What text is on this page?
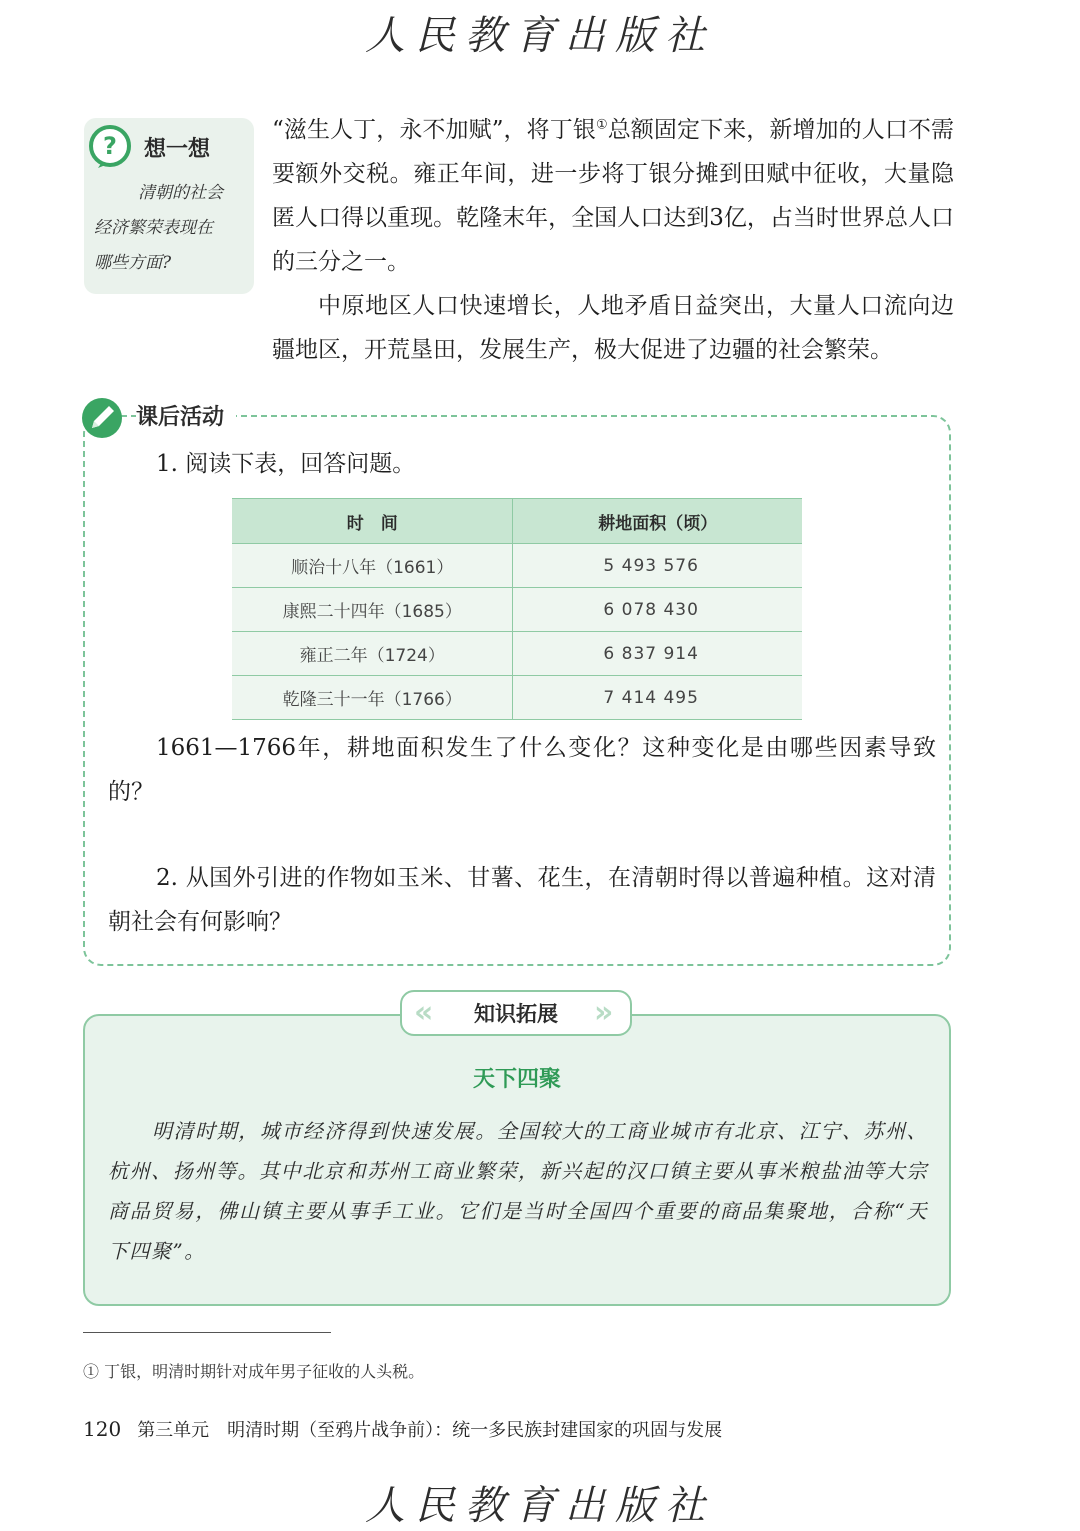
人民教育出版社
? 想一想
清朝的社会
经济繁荣表现在
哪些方面?
“滋生人丁，永不加赋”，将丁银①总额固定下来，新增加的人口不需要额外交税。雍正年间，进一步将丁银分摊到田赋中征收，大量隐匿人口得以重现。乾隆末年，全国人口达到3亿，占当时世界总人口的三分之一。
中原地区人口快速增长，人地矛盾日益突出，大量人口流向边疆地区，开荒垦田，发展生产，极大促进了边疆的社会繁荣。
课后活动
1. 阅读下表，回答问题。
时　间	耕地面积（顷）
顺治十八年（1661）	5 493 576
康熙二十四年（1685）	6 078 430
雍正二年（1724）	6 837 914
乾隆三十一年（1766）	7 414 495
1661—1766年，耕地面积发生了什么变化？这种变化是由哪些因素导致的？
2. 从国外引进的作物如玉米、甘薯、花生，在清朝时得以普遍种植。这对清朝社会有何影响？
«	»
知识拓展
天下四聚
明清时期，城市经济得到快速发展。全国较大的工商业城市有北京、江宁、苏州、杭州、扬州等。其中北京和苏州工商业繁荣，新兴起的汉口镇主要从事米粮盐油等大宗商品贸易，佛山镇主要从事手工业。它们是当时全国四个重要的商品集聚地，合称“天下四聚”。
① 丁银，明清时期针对成年男子征收的人头税。
120 第三单元　明清时期（至鸦片战争前）：统一多民族封建国家的巩固与发展
人民教育出版社
